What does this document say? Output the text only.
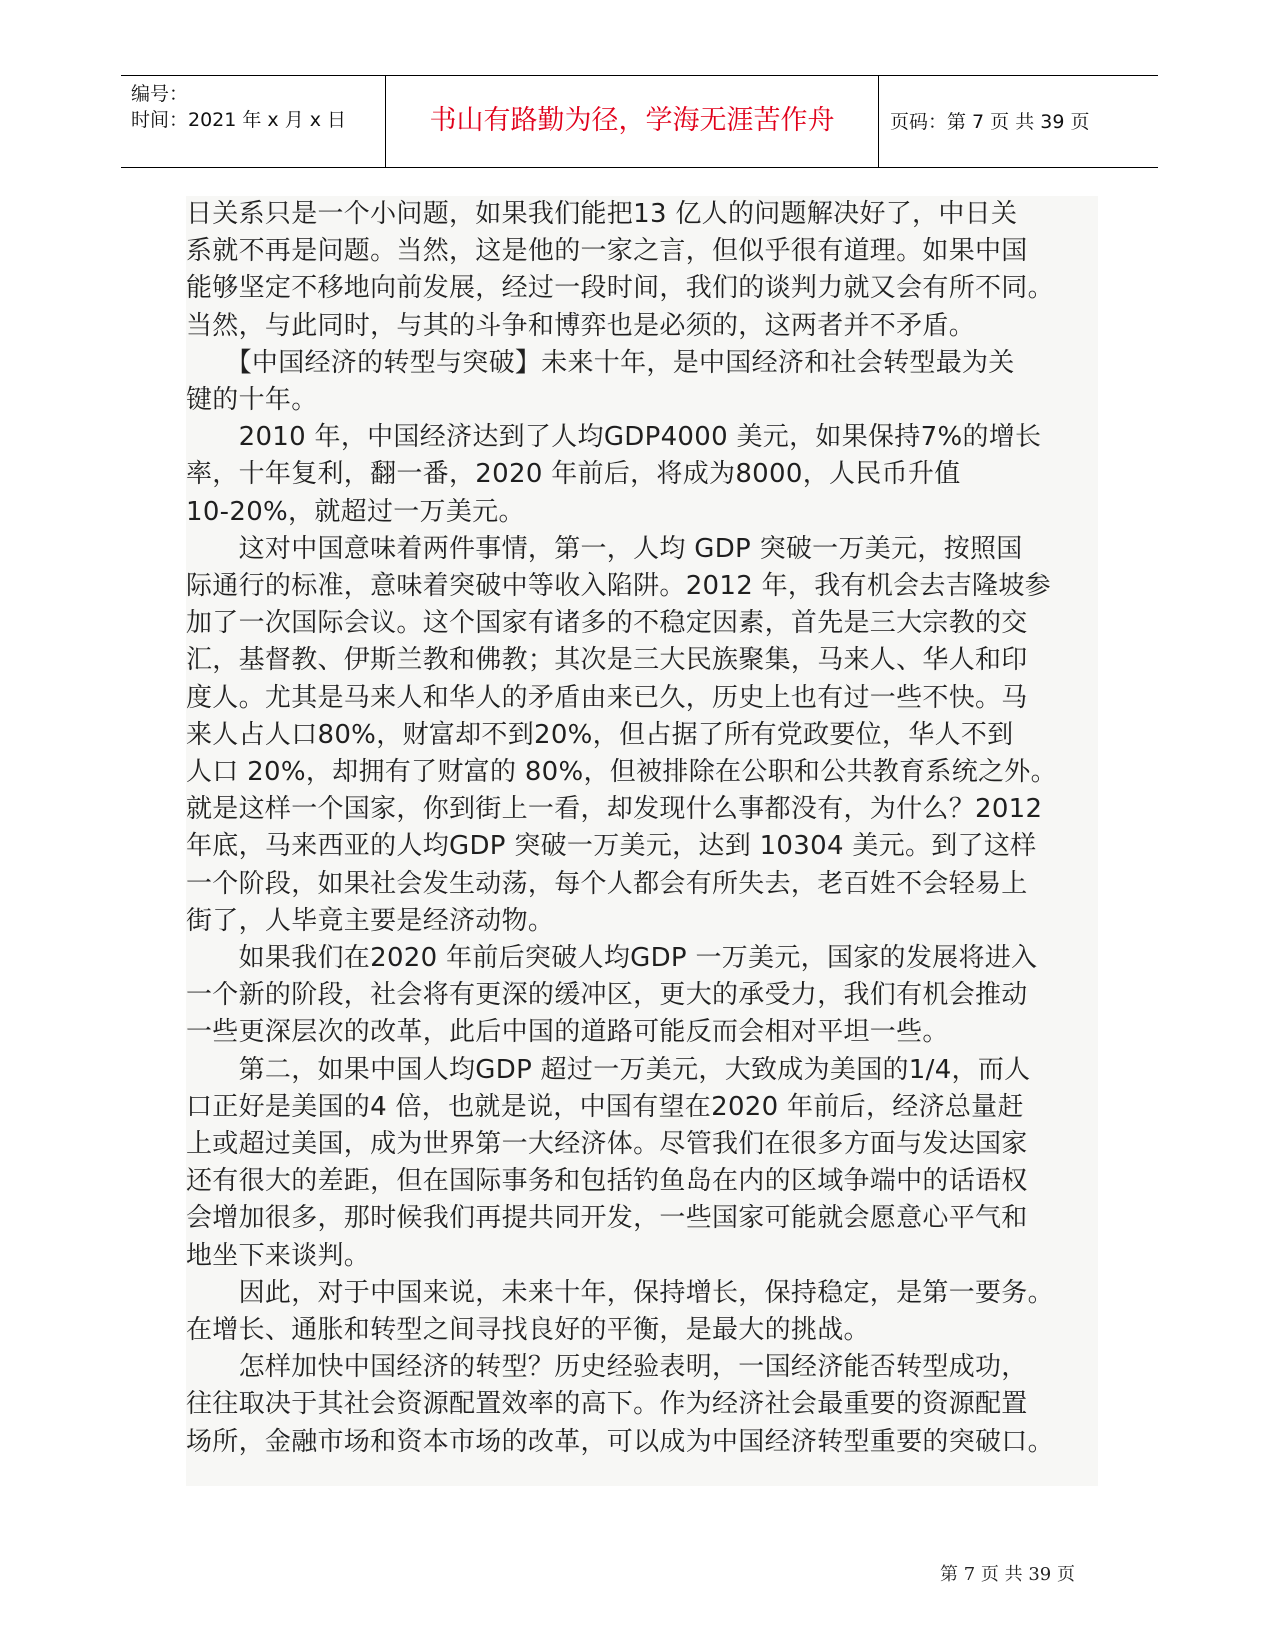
编号：
时间：2021 年 x 月 x 日	书山有路勤为径，学海无涯苦作舟	页码：第 7 页 共 39 页
日关系只是一个小问题，如果我们能把13 亿人的问题解决好了，中日关
系就不再是问题。当然，这是他的一家之言，但似乎很有道理。如果中国
能够坚定不移地向前发展，经过一段时间，我们的谈判力就又会有所不同。
当然，与此同时，与其的斗争和博弈也是必须的，这两者并不矛盾。
　　【中国经济的转型与突破】未来十年，是中国经济和社会转型最为关
键的十年。
　　2010 年，中国经济达到了人均GDP4000 美元，如果保持7%的增长
率，十年复利，翻一番，2020 年前后，将成为8000，人民币升值
10-20%，就超过一万美元。
　　这对中国意味着两件事情，第一，人均 GDP 突破一万美元，按照国
际通行的标准，意味着突破中等收入陷阱。2012 年，我有机会去吉隆坡参
加了一次国际会议。这个国家有诸多的不稳定因素，首先是三大宗教的交
汇，基督教、伊斯兰教和佛教；其次是三大民族聚集，马来人、华人和印
度人。尤其是马来人和华人的矛盾由来已久，历史上也有过一些不快。马
来人占人口80%，财富却不到20%，但占据了所有党政要位，华人不到
人口 20%，却拥有了财富的 80%，但被排除在公职和公共教育系统之外。
就是这样一个国家，你到街上一看，却发现什么事都没有，为什么？2012
年底，马来西亚的人均GDP 突破一万美元，达到 10304 美元。到了这样
一个阶段，如果社会发生动荡，每个人都会有所失去，老百姓不会轻易上
街了，人毕竟主要是经济动物。
　　如果我们在2020 年前后突破人均GDP 一万美元，国家的发展将进入
一个新的阶段，社会将有更深的缓冲区，更大的承受力，我们有机会推动
一些更深层次的改革，此后中国的道路可能反而会相对平坦一些。
　　第二，如果中国人均GDP 超过一万美元，大致成为美国的1/4，而人
口正好是美国的4 倍，也就是说，中国有望在2020 年前后，经济总量赶
上或超过美国，成为世界第一大经济体。尽管我们在很多方面与发达国家
还有很大的差距，但在国际事务和包括钓鱼岛在内的区域争端中的话语权
会增加很多，那时候我们再提共同开发，一些国家可能就会愿意心平气和
地坐下来谈判。
　　因此，对于中国来说，未来十年，保持增长，保持稳定，是第一要务。
在增长、通胀和转型之间寻找良好的平衡，是最大的挑战。
　　怎样加快中国经济的转型？历史经验表明，一国经济能否转型成功，
往往取决于其社会资源配置效率的高下。作为经济社会最重要的资源配置
场所，金融市场和资本市场的改革，可以成为中国经济转型重要的突破口。
第 7 页 共 39 页
